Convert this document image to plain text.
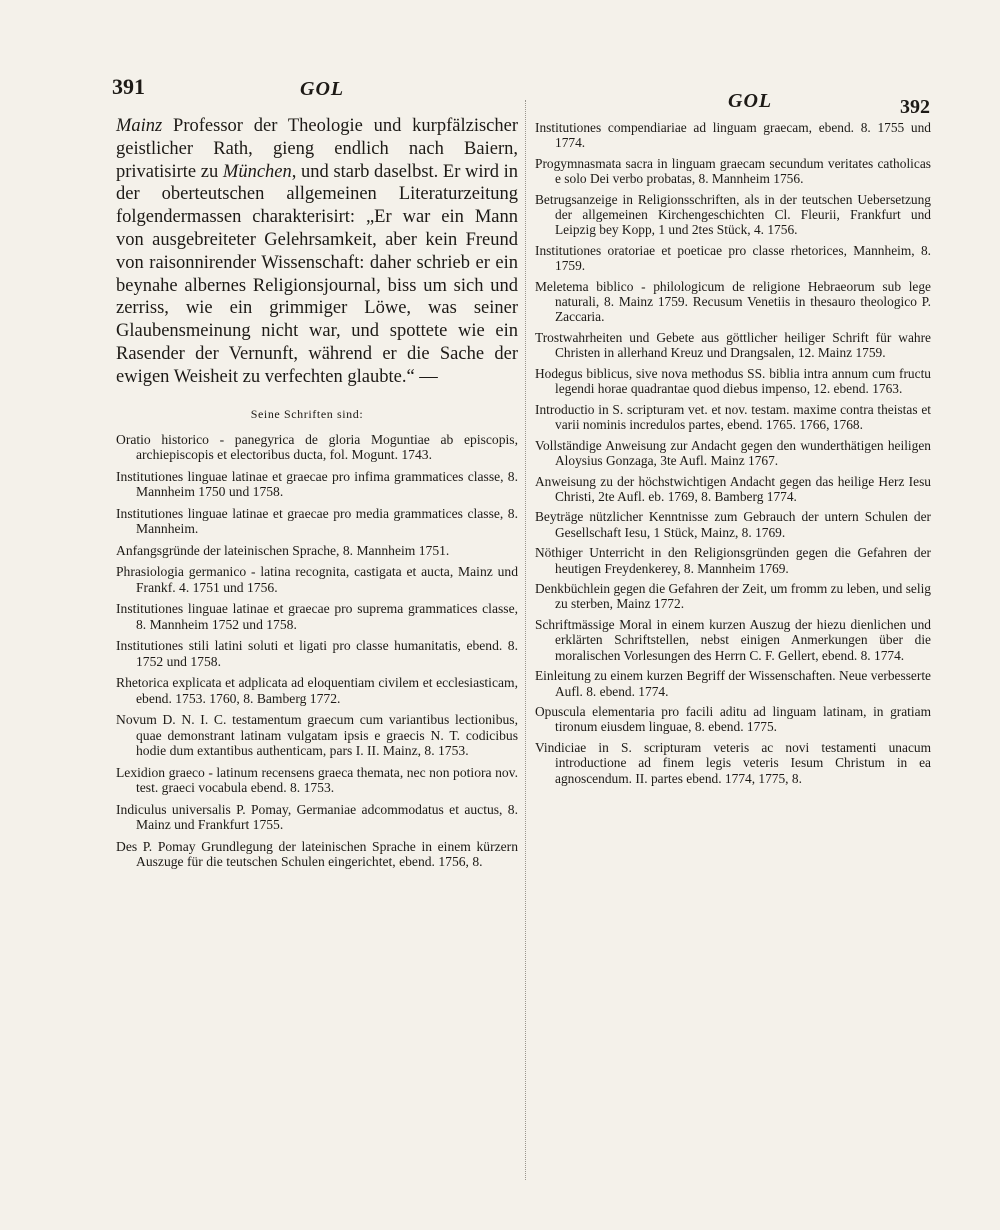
391	GOL
GOL	392

Mainz Professor der Theologie und kurpfälzischer geistlicher Rath, gieng endlich nach Baiern, privatisirte zu München, und starb daselbst. Er wird in der oberteutschen allgemeinen Literaturzeitung folgendermassen charakterisirt: „Er war ein Mann von ausgebreiteter Gelehrsamkeit, aber kein Freund von raisonnirender Wissenschaft: daher schrieb er ein beynahe albernes Religionsjournal, biss um sich und zerriss, wie ein grimmiger Löwe, was seiner Glaubensmeinung nicht war, und spottete wie ein Rasender der Vernunft, während er die Sache der ewigen Weisheit zu verfechten glaubte.“ —

Seine Schriften sind:

Oratio historico - panegyrica de gloria Moguntiae ab episcopis, archiepiscopis et electoribus ducta, fol. Mogunt. 1743.

Institutiones linguae latinae et graecae pro infima grammatices classe, 8. Mannheim 1750 und 1758.

Institutiones linguae latinae et graecae pro media grammatices classe, 8. Mannheim.

Anfangsgründe der lateinischen Sprache, 8. Mannheim 1751.

Phrasiologia germanico - latina recognita, castigata et aucta, Mainz und Frankf. 4. 1751 und 1756.

Institutiones linguae latinae et graecae pro suprema grammatices classe, 8. Mannheim 1752 und 1758.

Institutiones stili latini soluti et ligati pro classe humanitatis, ebend. 8. 1752 und 1758.

Rhetorica explicata et adplicata ad eloquentiam civilem et ecclesiasticam, ebend. 1753. 1760, 8. Bamberg 1772.

Novum D. N. I. C. testamentum graecum cum variantibus lectionibus, quae demonstrant latinam vulgatam ipsis e graecis N. T. codicibus hodie dum extantibus authenticam, pars I. II. Mainz, 8. 1753.

Lexidion graeco - latinum recensens graeca themata, nec non potiora nov. test. graeci vocabula ebend. 8. 1753.

Indiculus universalis P. Pomay, Germaniae adcommodatus et auctus, 8. Mainz und Frankfurt 1755.

Des P. Pomay Grundlegung der lateinischen Sprache in einem kürzern Auszuge für die teutschen Schulen eingerichtet, ebend. 1756, 8.

Institutiones compendiariae ad linguam graecam, ebend. 8. 1755 und 1774.

Progymnasmata sacra in linguam graecam secundum veritates catholicas e solo Dei verbo probatas, 8. Mannheim 1756.

Betrugsanzeige in Religionsschriften, als in der teutschen Uebersetzung der allgemeinen Kirchengeschichten Cl. Fleurii, Frankfurt und Leipzig bey Kopp, 1 und 2tes Stück, 4. 1756.

Institutiones oratoriae et poeticae pro classe rhetorices, Mannheim, 8. 1759.

Meletema biblico - philologicum de religione Hebraeorum sub lege naturali, 8. Mainz 1759. Recusum Venetiis in thesauro theologico P. Zaccaria.

Trostwahrheiten und Gebete aus göttlicher heiliger Schrift für wahre Christen in allerhand Kreuz und Drangsalen, 12. Mainz 1759.

Hodegus biblicus, sive nova methodus SS. biblia intra annum cum fructu legendi horae quadrantae quod diebus impenso, 12. ebend. 1763.

Introductio in S. scripturam vet. et nov. testam. maxime contra theistas et varii nominis incredulos partes, ebend. 1765. 1766, 1768.

Vollständige Anweisung zur Andacht gegen den wunderthätigen heiligen Aloysius Gonzaga, 3te Aufl. Mainz 1767.

Anweisung zu der höchstwichtigen Andacht gegen das heilige Herz Iesu Christi, 2te Aufl. eb. 1769, 8. Bamberg 1774.

Beyträge nützlicher Kenntnisse zum Gebrauch der untern Schulen der Gesellschaft Iesu, 1 Stück, Mainz, 8. 1769.

Nöthiger Unterricht in den Religionsgründen gegen die Gefahren der heutigen Freydenkerey, 8. Mannheim 1769.

Denkbüchlein gegen die Gefahren der Zeit, um fromm zu leben, und selig zu sterben, Mainz 1772.

Schriftmässige Moral in einem kurzen Auszug der hiezu dienlichen und erklärten Schriftstellen, nebst einigen Anmerkungen über die moralischen Vorlesungen des Herrn C. F. Gellert, ebend. 8. 1774.

Einleitung zu einem kurzen Begriff der Wissenschaften. Neue verbesserte Aufl. 8. ebend. 1774.

Opuscula elementaria pro facili aditu ad linguam latinam, in gratiam tironum eiusdem linguae, 8. ebend. 1775.

Vindiciae in S. scripturam veteris ac novi testamenti unacum introductione ad finem legis veteris Iesum Christum in ea agnoscendum. II. partes ebend. 1774, 1775, 8.
